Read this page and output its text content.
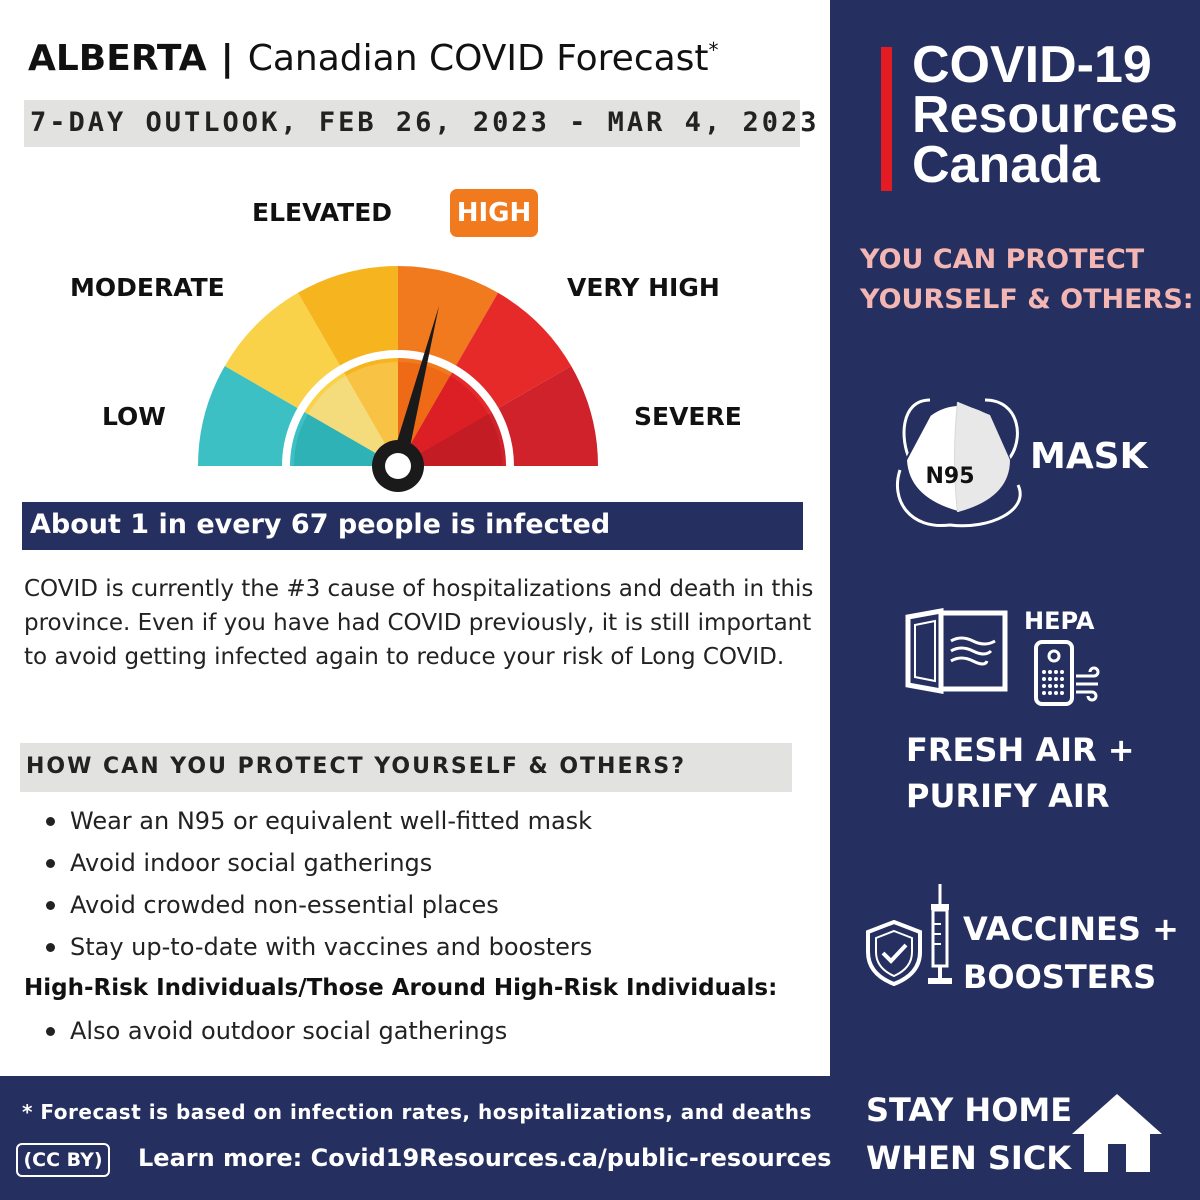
ALBERTA | Canadian COVID Forecast*
7-DAY OUTLOOK, FEB 26, 2023 - MAR 4, 2023
LOW
MODERATE
ELEVATED HIGH
VERY HIGH
SEVERE
About 1 in every 67 people is infected
COVID is currently the #3 cause of hospitalizations and death in this province. Even if you have had COVID previously, it is still important to avoid getting infected again to reduce your risk of Long COVID.
HOW CAN YOU PROTECT YOURSELF & OTHERS?
Wear an N95 or equivalent well-fitted mask
Avoid indoor social gatherings
Avoid crowded non-essential places
Stay up-to-date with vaccines and boosters
High-Risk Individuals/Those Around High-Risk Individuals:
Also avoid outdoor social gatherings
* Forecast is based on infection rates, hospitalizations, and deaths
(CC BY) Learn more: Covid19Resources.ca/public-resources
COVID-19
Resources
Canada
YOU CAN PROTECT
YOURSELF & OTHERS:
N95 MASK
HEPA
FRESH AIR +
PURIFY AIR
VACCINES +
BOOSTERS
STAY HOME
WHEN SICK
